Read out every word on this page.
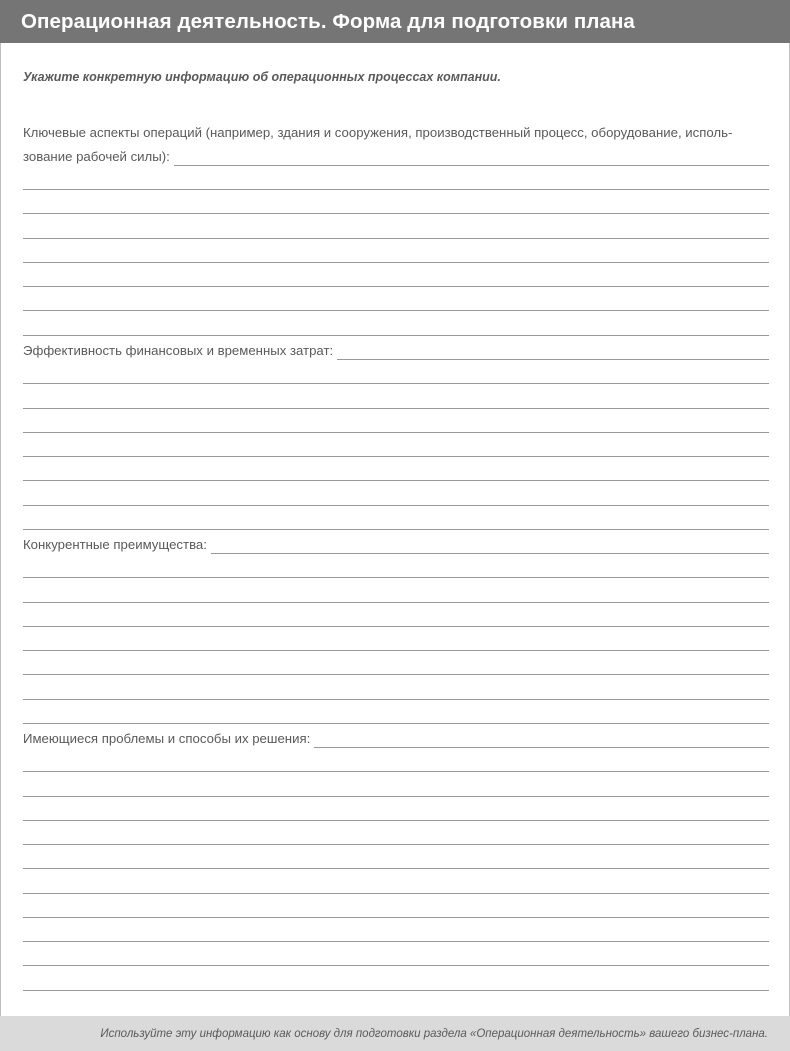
Операционная деятельность. Форма для подготовки плана
Укажите конкретную информацию об операционных процессах компании.
Ключевые аспекты операций (например, здания и сооружения, производственный процесс, оборудование, исполь-
зование рабочей силы):
Эффективность финансовых и временных затрат:
Конкурентные преимущества:
Имеющиеся проблемы и способы их решения:
Используйте эту информацию как основу для подготовки раздела «Операционная деятельность» вашего бизнес-плана.
